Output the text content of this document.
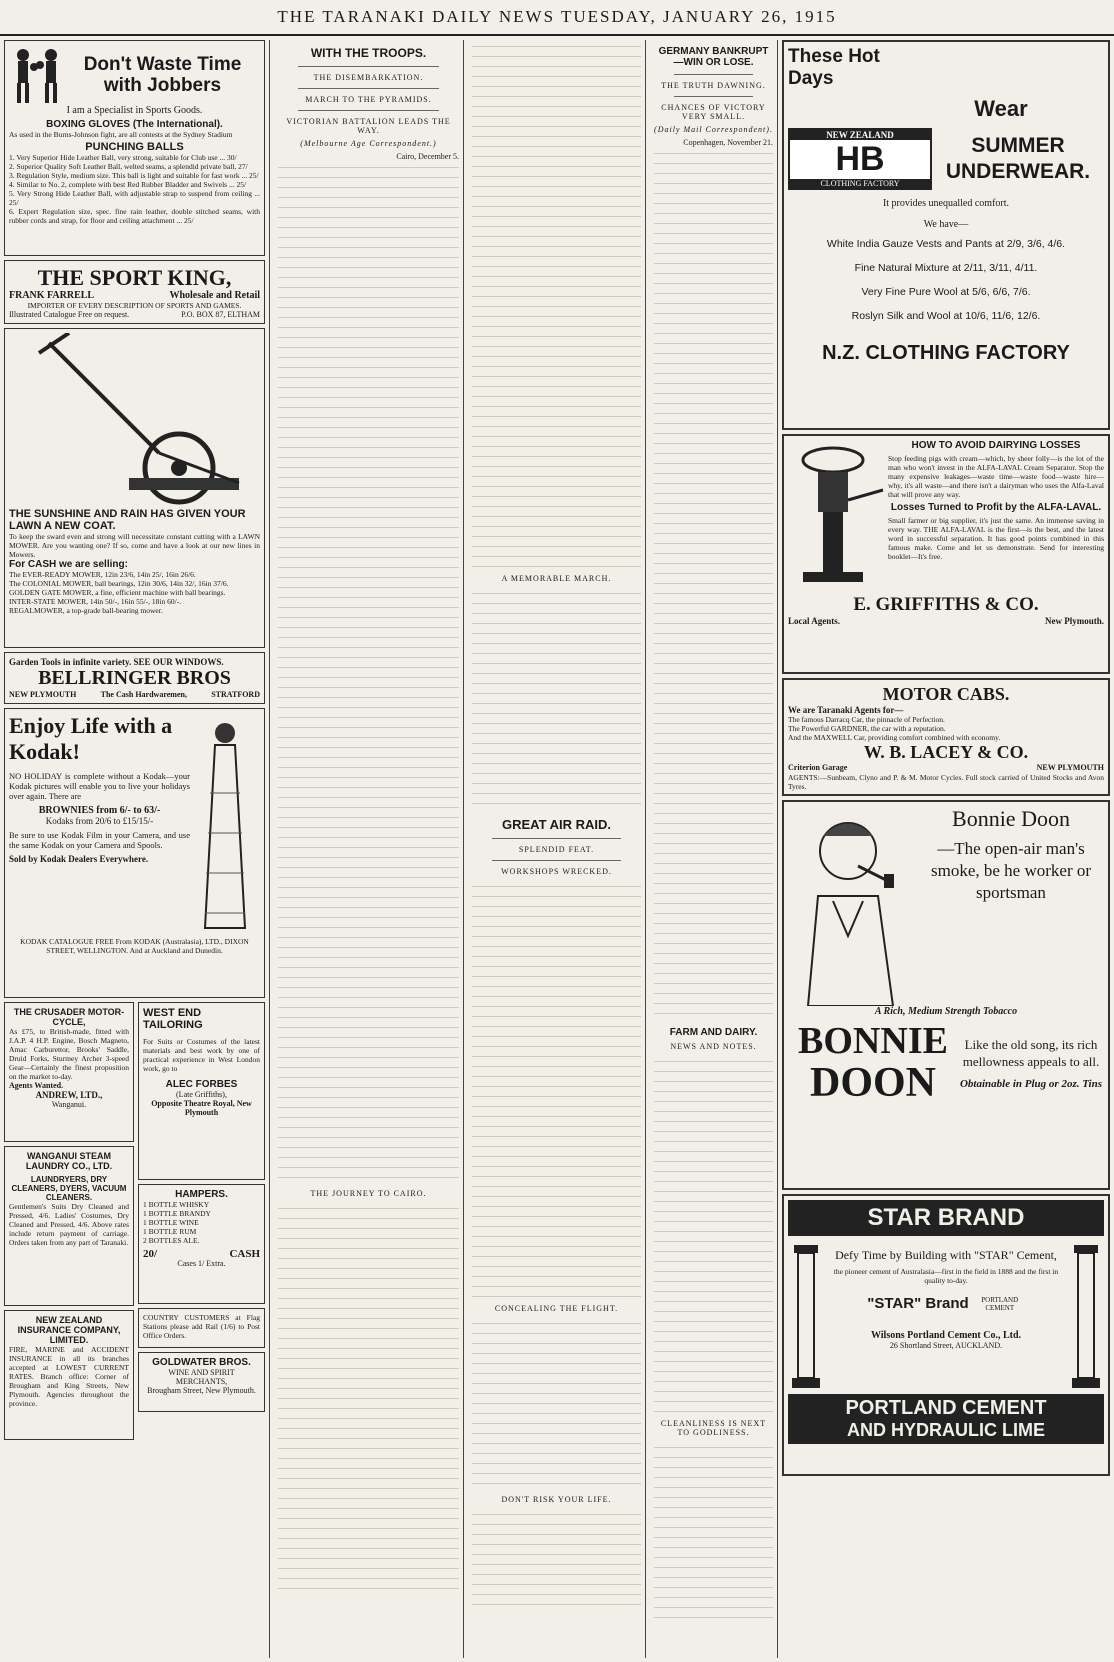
THE TARANAKI DAILY NEWS TUESDAY, JANUARY 26, 1915
Don't Waste Time with Jobbers
I am a Specialist in Sports Goods.
BOXING GLOVES (The International).
As used in the Burns-Johnson fight, are all contests at the Sydney Stadium
PUNCHING BALLS
1. Very Superior Hide Leather Ball, very strong, suitable for Club use ... 30/
2. Superior Quality Soft Leather Ball, welted seams, a splendid private ball, 27/
3. Regulation Style, medium size. This ball is light and suitable for fast work ... 25/
4. Similar to No. 2, complete with best Red Rubber Bladder and Swivels ... 25/
5. Very Strong Hide Leather Ball, with adjustable strap to suspend from ceiling ... 25/
6. Expert Regulation size, spec. fine rain leather, double stitched seams, with rubber cords and strap, for floor and ceiling attachment ... 25/
THE SPORT KING,
FRANK FARRELL	Wholesale and Retail
IMPORTER OF EVERY DESCRIPTION OF SPORTS AND GAMES.
Illustrated Catalogue Free on request.	P.O. BOX 87, ELTHAM
THE SUNSHINE AND RAIN HAS GIVEN YOUR LAWN A NEW COAT.
To keep the sward even and strong will necessitate constant cutting with a LAWN MOWER. Are you wanting one? If so, come and have a look at our new lines in Mowers.
For CASH we are selling:
The EVER-READY MOWER, 12in 23/6, 14in 25/, 16in 26/6.
The COLONIAL MOWER, ball bearings, 12in 30/6, 14in 32/, 16in 37/6.
GOLDEN GATE MOWER, a fine, efficient machine with ball bearings.
INTER-STATE MOWER, 14in 50/-, 16in 55/-, 18in 60/-.
REGALMOWER, a top-grade ball-bearing mower.
Garden Tools in infinite variety. SEE OUR WINDOWS.
BELLRINGER BROS
NEW PLYMOUTH	The Cash Hardwaremen,	STRATFORD
Enjoy Life with a Kodak!
NO HOLIDAY is complete without a Kodak—your Kodak pictures will enable you to live your holidays over again. There are
BROWNIES from 6/- to 63/-
Kodaks from 20/6 to £15/15/-
Be sure to use Kodak Film in your Camera, and use the same Kodak on your Camera and Spools.
Sold by Kodak Dealers Everywhere.
KODAK CATALOGUE FREE From KODAK (Australasia), LTD., DIXON STREET, WELLINGTON. And at Auckland and Dunedin.
THE CRUSADER MOTOR-CYCLE,
As £75, to British-made, fitted with J.A.P. 4 H.P. Engine, Bosch Magneto, Amac Carburettor, Brooks' Saddle, Druid Forks, Sturmey Archer 3-speed Gear—Certainly the finest proposition on the market to-day.
Agents Wanted.
ANDREW, LTD.,
Wanganui.
WANGANUI STEAM LAUNDRY CO., LTD.
LAUNDRYERS, DRY CLEANERS, DYERS, VACUUM CLEANERS.
Gentlemen's Suits Dry Cleaned and Pressed, 4/6. Ladies' Costumes, Dry Cleaned and Pressed, 4/6. Above rates include return payment of carriage. Orders taken from any part of Taranaki.
NEW ZEALAND INSURANCE COMPANY, LIMITED.
FIRE, MARINE and ACCIDENT INSURANCE in all its branches accepted at LOWEST CURRENT RATES. Branch office: Corner of Brougham and King Streets, New Plymouth. Agencies throughout the province.
WEST END
TAILORING
For Suits or Costumes of the latest materials and best work by one of practical experience in West London work, go to
ALEC FORBES
(Late Griffiths),
Opposite Theatre Royal, New Plymouth
HAMPERS.
1 BOTTLE WHISKY
1 BOTTLE BRANDY
1 BOTTLE WINE
1 BOTTLE RUM
2 BOTTLES ALE.
20/	CASH
Cases 1/ Extra.
COUNTRY CUSTOMERS at Flag Stations please add Rail (1/6) to Post Office Orders.
GOLDWATER BROS.
WINE AND SPIRIT MERCHANTS,
Brougham Street, New Plymouth.
WITH THE TROOPS.
THE DISEMBARKATION.
MARCH TO THE PYRAMIDS.
VICTORIAN BATTALION LEADS THE WAY.
(Melbourne Age Correspondent.)
Cairo, December 5.
THE JOURNEY TO CAIRO.
A MEMORABLE MARCH.
GREAT AIR RAID.
SPLENDID FEAT.
WORKSHOPS WRECKED.
CONCEALING THE FLIGHT.
DON'T RISK YOUR LIFE.
GERMANY BANKRUPT—WIN OR LOSE.
THE TRUTH DAWNING.
CHANCES OF VICTORY VERY SMALL.
(Daily Mail Correspondent).
Copenhagen, November 21.
FARM AND DAIRY.
NEWS AND NOTES.
CLEANLINESS IS NEXT TO GODLINESS.
These Hot Days
Wear
NEW ZEALAND
HB
CLOTHING FACTORY
SUMMER UNDERWEAR.
It provides unequalled comfort.
We have—
White India Gauze Vests and Pants at 2/9, 3/6, 4/6.
Fine Natural Mixture at 2/11, 3/11, 4/11.
Very Fine Pure Wool at 5/6, 6/6, 7/6.
Roslyn Silk and Wool at 10/6, 11/6, 12/6.
N.Z. CLOTHING FACTORY
HOW TO AVOID DAIRYING LOSSES
Stop feeding pigs with cream—which, by sheer folly—is the lot of the man who won't invest in the ALFA-LAVAL Cream Separator. Stop the many expensive leakages—waste time—waste food—waste hire—why, it's all waste—and there isn't a dairyman who uses the Alfa-Laval that will prove any way.
Losses Turned to Profit by the ALFA-LAVAL.
Small farmer or big supplier, it's just the same. An immense saving in every way. THE ALFA-LAVAL is the first—is the best, and the latest word in successful separation. It has good points combined in this famous make. Come and let us demonstrate. Send for interesting booklet—It's free.
E. GRIFFITHS & CO.
Local Agents.	New Plymouth.
MOTOR CABS.
We are Taranaki Agents for—
The famous Darracq Car, the pinnacle of Perfection.
The Powerful GARDNER, the car with a reputation.
And the MAXWELL Car, providing comfort combined with economy.
W. B. LACEY & CO.
Criterion Garage	NEW PLYMOUTH
AGENTS:—Sunbeam, Clyno and P. & M. Motor Cycles. Full stock carried of United Stocks and Avon Tyres.
Bonnie Doon
—The open-air man's smoke, be he worker or sportsman
A Rich, Medium Strength Tobacco
BONNIE
DOON
Like the old song, its rich mellowness appeals to all.
Obtainable in Plug or 2oz. Tins
STAR BRAND
Defy Time by Building with "STAR" Cement,
the pioneer cement of Australasia—first in the field in 1888 and the first in quality to-day.
"STAR" Brand	PORTLAND CEMENT
Wilsons Portland Cement Co., Ltd.
26 Shortland Street, AUCKLAND.
PORTLAND CEMENT
AND HYDRAULIC LIME
